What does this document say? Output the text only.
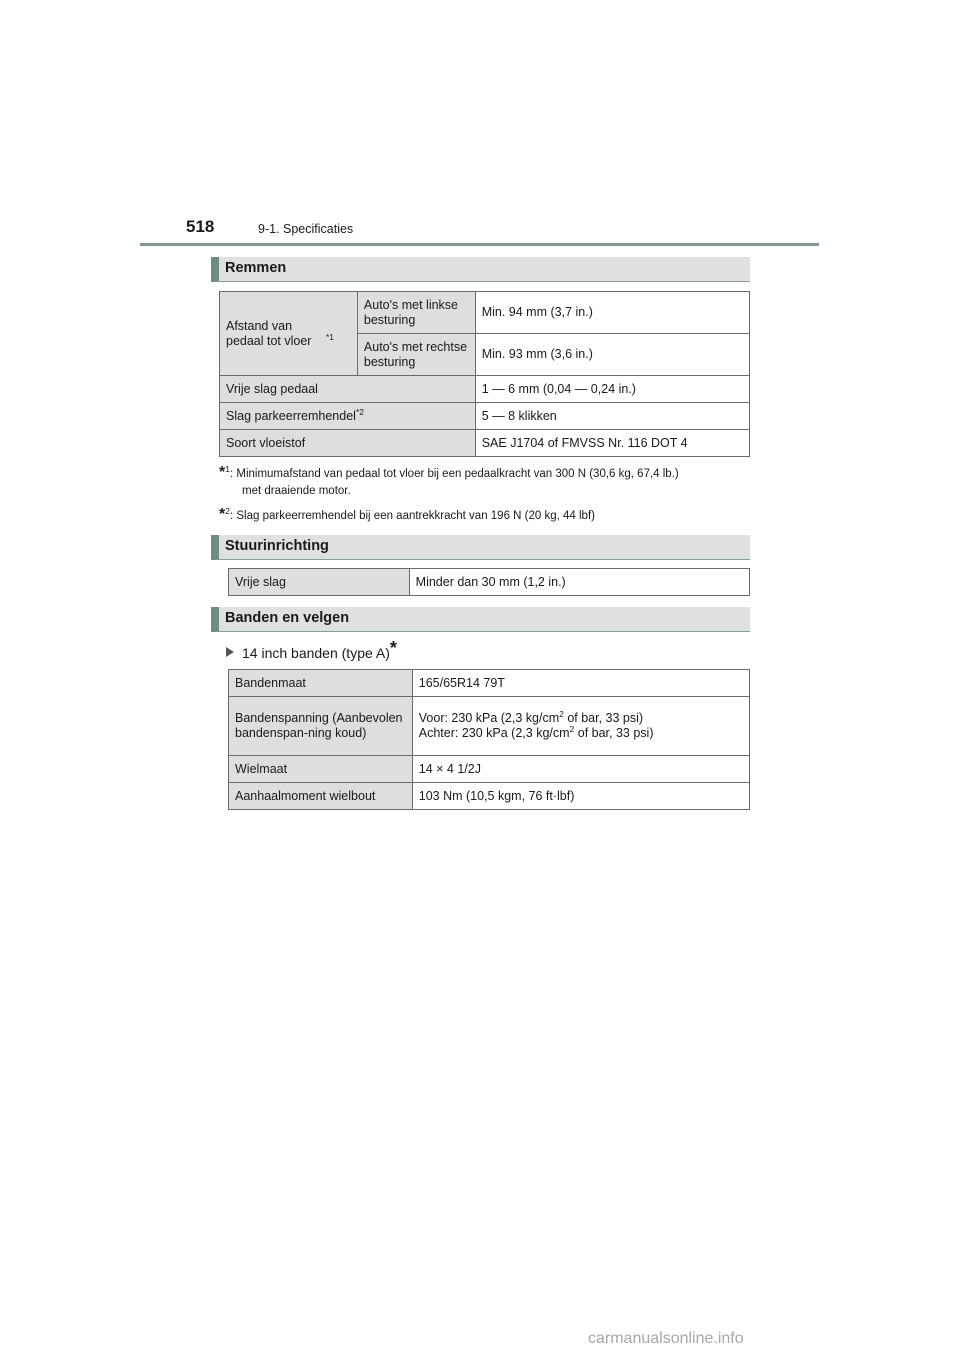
518	9-1. Specificaties
Remmen
Afstand van pedaal tot vloer $^{*1}$	Auto's met linkse besturing	Min. 94 mm (3,7 in.)
	Auto's met rechtse besturing	Min. 93 mm (3,6 in.)
Vrije slag pedaal		1 — 6 mm (0,04 — 0,24 in.)
Slag parkeerremhendel$^{*2}$		5 — 8 klikken
Soort vloeistof		SAE J1704 of FMVSS Nr. 116 DOT 4
*$^1$: Minimumafstand van pedaal tot vloer bij een pedaalkracht van 300 N (30,6 kg, 67,4 lb.)
met draaiende motor.
*$^2$: Slag parkeerremhendel bij een aantrekkracht van 196 N (20 kg, 44 lbf)
Stuurinrichting
Vrije slag	Minder dan 30 mm (1,2 in.)
Banden en velgen
14 inch banden (type A)*
Bandenmaat	165/65R14 79T
Bandenspanning (Aanbevolen bandenspan-ning koud)	Voor: 230 kPa (2,3 $kg/cm^2$ of bar, 33 psi)
Achter: 230 kPa (2,3 $kg/cm^2$ of bar, 33 psi)

Wielmaat	14 × 4 1/2J
Aanhaalmoment wielbout	103 Nm (10,5 kgm, 76 ft·lbf)
carmanualsonline.info
